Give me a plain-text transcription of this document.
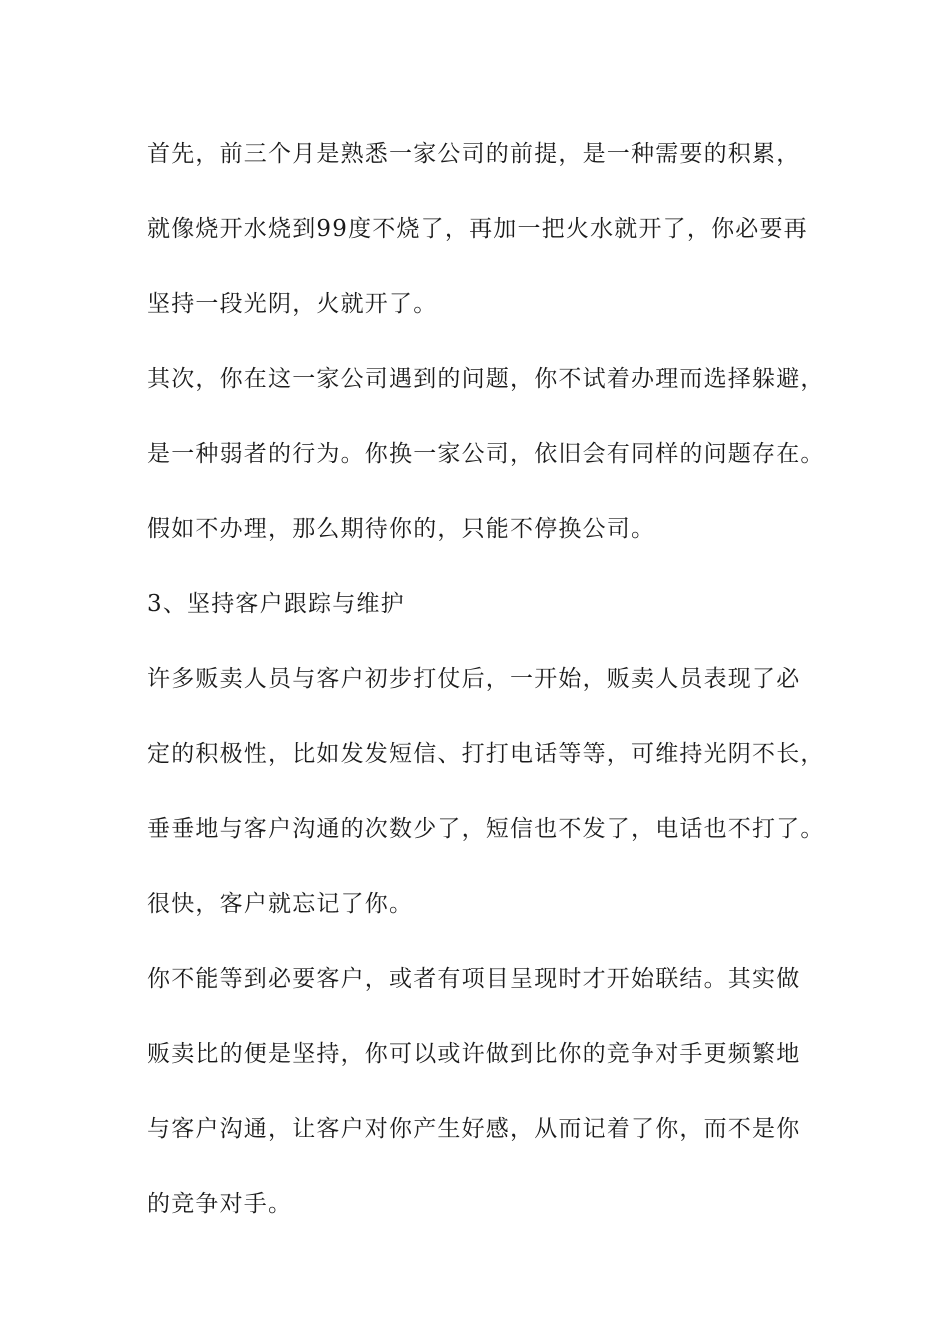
首先，前三个月是熟悉一家公司的前提，是一种需要的积累，
就像烧开水烧到99度不烧了，再加一把火水就开了，你必要再
坚持一段光阴，火就开了。
其次，你在这一家公司遇到的问题，你不试着办理而选择躲避，
是一种弱者的行为。你换一家公司，依旧会有同样的问题存在。
假如不办理，那么期待你的，只能不停换公司。
3、坚持客户跟踪与维护
许多贩卖人员与客户初步打仗后，一开始，贩卖人员表现了必
定的积极性，比如发发短信、打打电话等等，可维持光阴不长，
垂垂地与客户沟通的次数少了，短信也不发了，电话也不打了。
很快，客户就忘记了你。
你不能等到必要客户，或者有项目呈现时才开始联结。其实做
贩卖比的便是坚持，你可以或许做到比你的竞争对手更频繁地
与客户沟通，让客户对你产生好感，从而记着了你，而不是你
的竞争对手。
